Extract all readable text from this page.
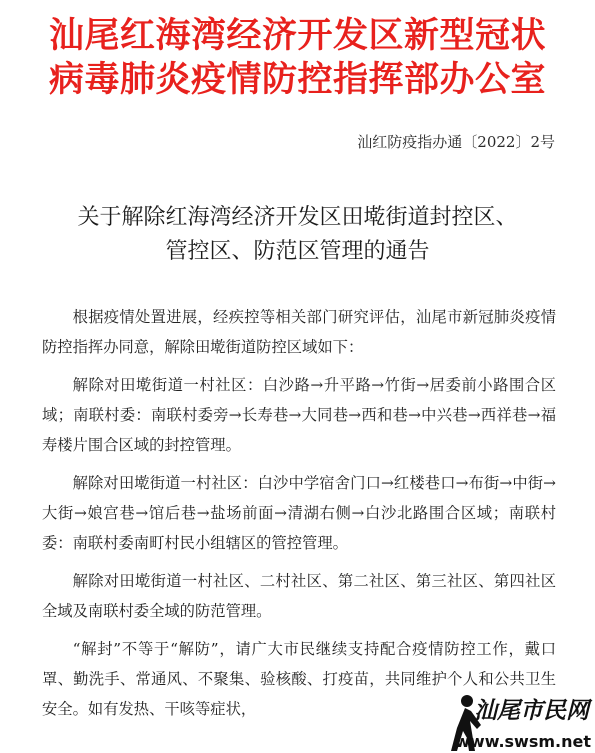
汕尾红海湾经济开发区新型冠状
病毒肺炎疫情防控指挥部办公室
汕红防疫指办通〔2022〕2号
关于解除红海湾经济开发区田墘街道封控区、
管控区、防范区管理的通告

根据疫情处置进展，经疾控等相关部门研究评估，汕尾市新冠肺炎疫情防控指挥办同意，解除田墘街道防控区域如下：

解除对田墘街道一村社区：白沙路→升平路→竹街→居委前小路围合区域；南联村委：南联村委旁→长寿巷→大同巷→西和巷→中兴巷→西祥巷→福寿楼片围合区域的封控管理。

解除对田墘街道一村社区：白沙中学宿舍门口→红楼巷口→布街→中街→大街→娘宫巷→馆后巷→盐场前面→清湖右侧→白沙北路围合区域；南联村委：南联村委南町村民小组辖区的管控管理。

解除对田墘街道一村社区、二村社区、第二社区、第三社区、第四社区全域及南联村委全域的防范管理。

“解封”不等于“解防”，请广大市民继续支持配合疫情防控工作，戴口罩、勤洗手、常通风、不聚集、验核酸、打疫苗，共同维护个人和公共卫生安全。如有发热、干咳等症状，	汕尾市民网
www.swsm.net
